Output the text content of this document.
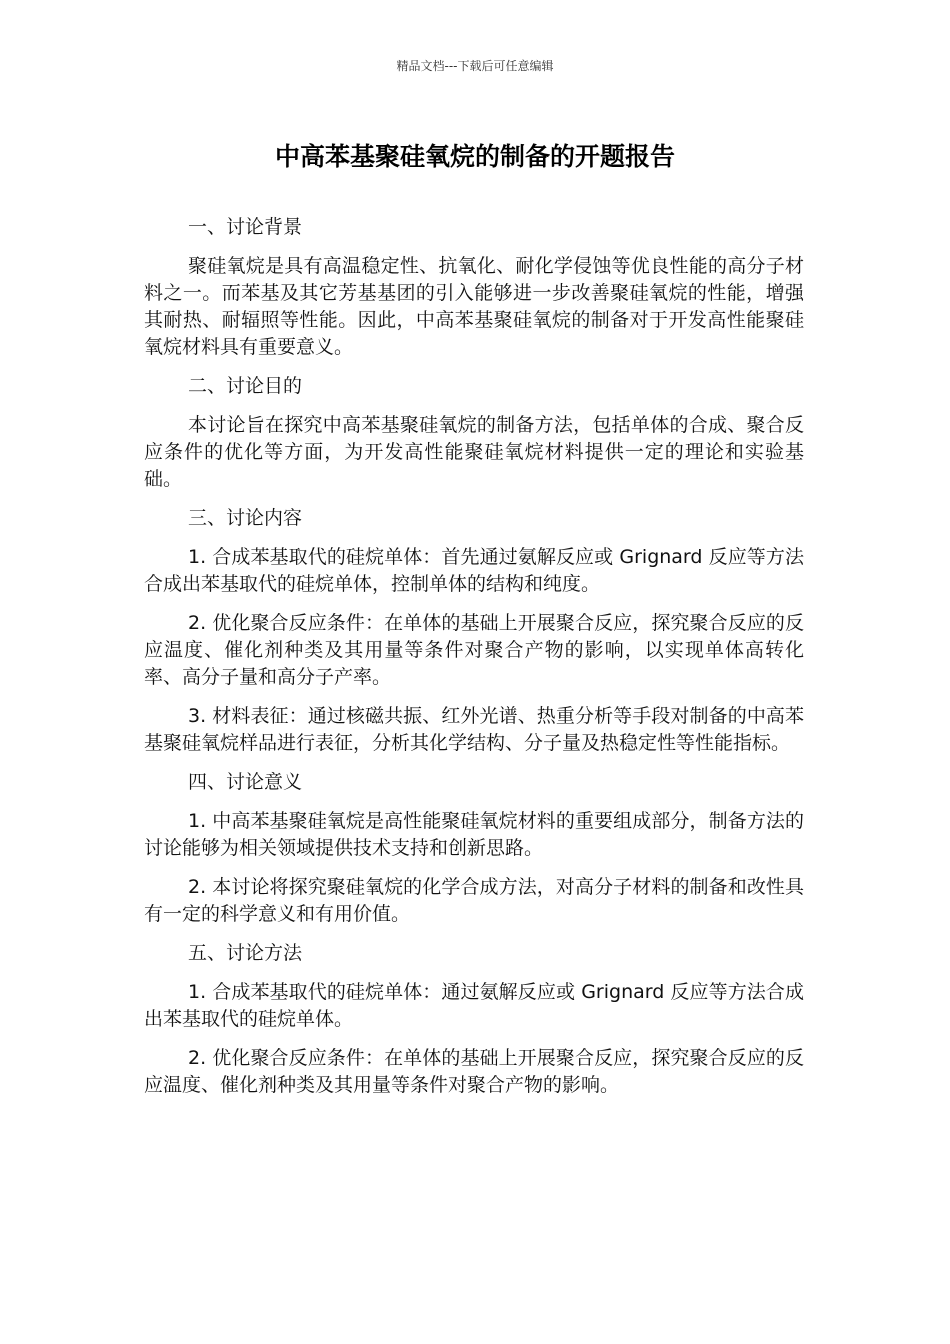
精品文档---下载后可任意编辑
中高苯基聚硅氧烷的制备的开题报告

一、讨论背景

聚硅氧烷是具有高温稳定性、抗氧化、耐化学侵蚀等优良性能的高分子材料之一。而苯基及其它芳基基团的引入能够进一步改善聚硅氧烷的性能，增强其耐热、耐辐照等性能。因此，中高苯基聚硅氧烷的制备对于开发高性能聚硅氧烷材料具有重要意义。

二、讨论目的

本讨论旨在探究中高苯基聚硅氧烷的制备方法，包括单体的合成、聚合反应条件的优化等方面，为开发高性能聚硅氧烷材料提供一定的理论和实验基础。

三、讨论内容

1. 合成苯基取代的硅烷单体：首先通过氨解反应或 Grignard 反应等方法合成出苯基取代的硅烷单体，控制单体的结构和纯度。

2. 优化聚合反应条件：在单体的基础上开展聚合反应，探究聚合反应的反应温度、催化剂种类及其用量等条件对聚合产物的影响，以实现单体高转化率、高分子量和高分子产率。

3. 材料表征：通过核磁共振、红外光谱、热重分析等手段对制备的中高苯基聚硅氧烷样品进行表征，分析其化学结构、分子量及热稳定性等性能指标。

四、讨论意义

1. 中高苯基聚硅氧烷是高性能聚硅氧烷材料的重要组成部分，制备方法的讨论能够为相关领域提供技术支持和创新思路。

2. 本讨论将探究聚硅氧烷的化学合成方法，对高分子材料的制备和改性具有一定的科学意义和有用价值。

五、讨论方法

1. 合成苯基取代的硅烷单体：通过氨解反应或 Grignard 反应等方法合成出苯基取代的硅烷单体。

2. 优化聚合反应条件：在单体的基础上开展聚合反应，探究聚合反应的反应温度、催化剂种类及其用量等条件对聚合产物的影响。
